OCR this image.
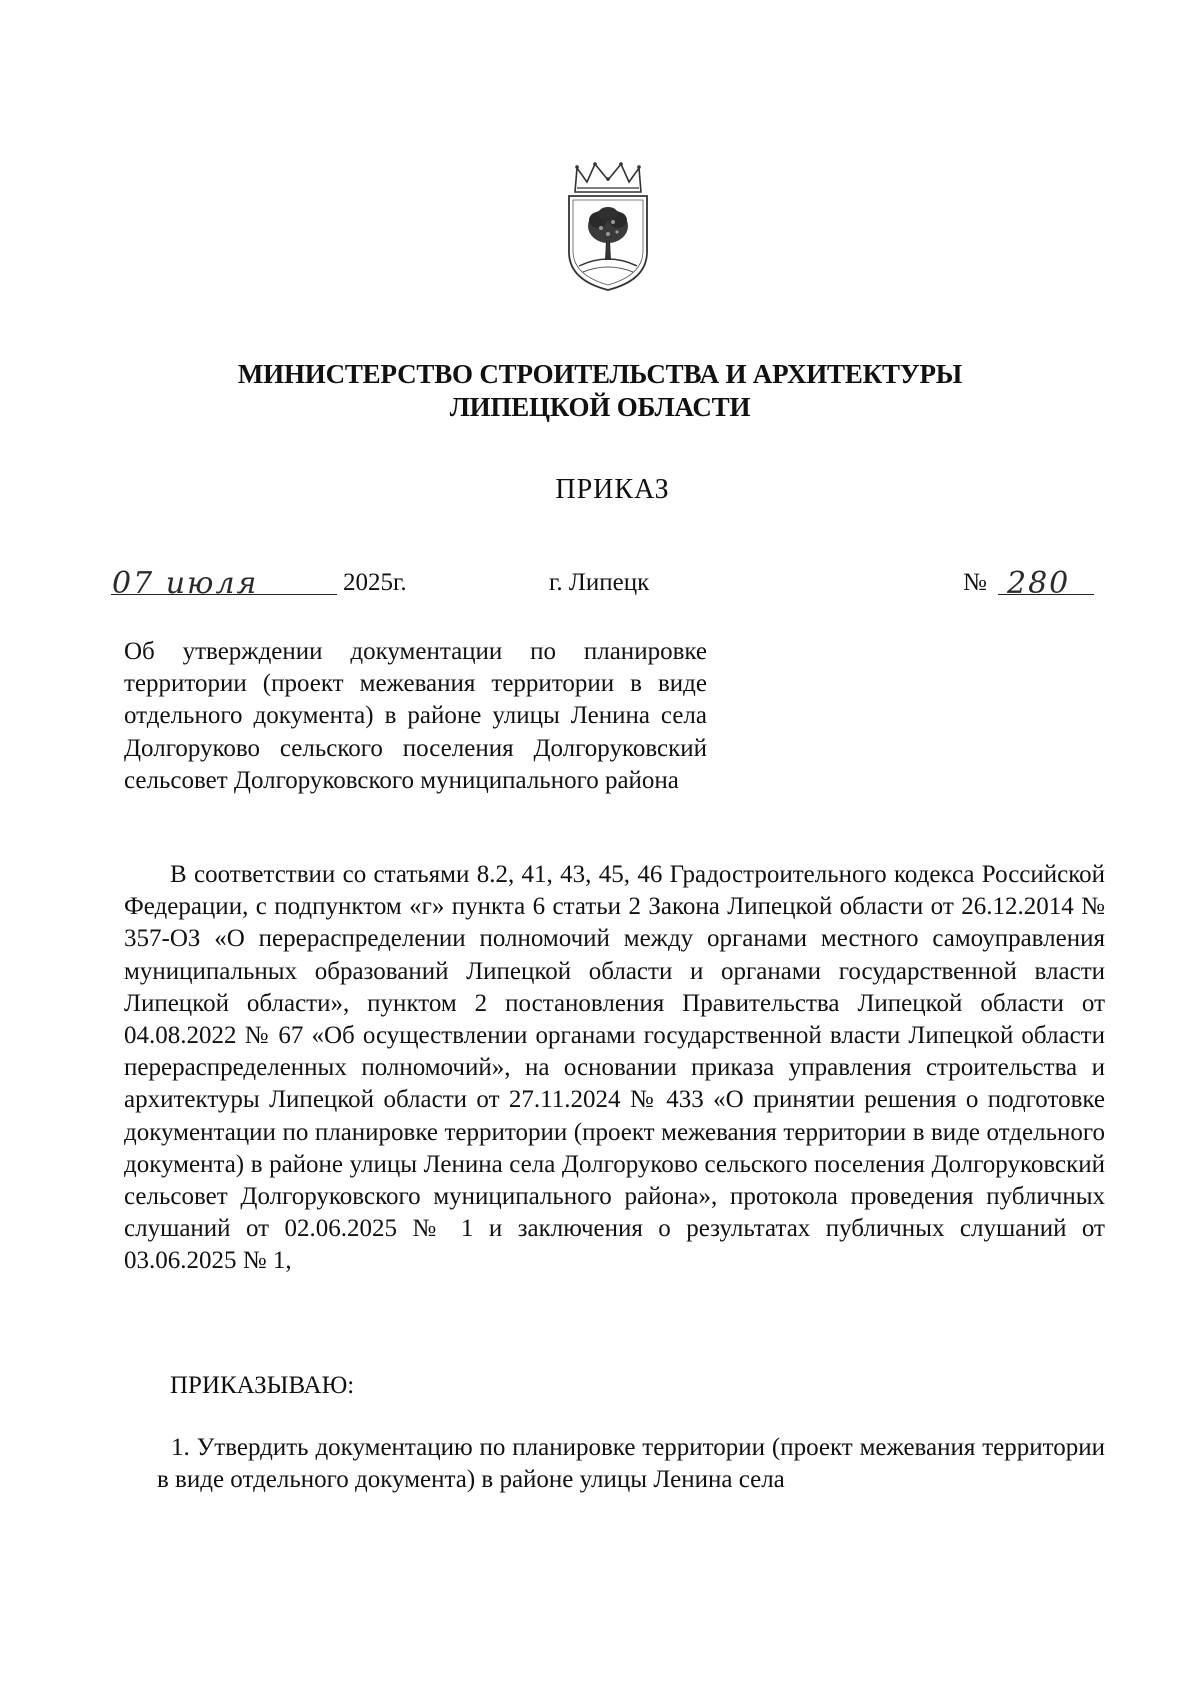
МИНИСТЕРСТВО СТРОИТЕЛЬСТВА И АРХИТЕКТУРЫ
ЛИПЕЦКОЙ ОБЛАСТИ
ПРИКАЗ
07 июля	2025г.	г. Липецк	№ 280
Об утверждении документации по планировке территории (проект межевания территории в виде отдельного документа) в районе улицы Ленина села Долгоруково сельского поселения Долгоруковский сельсовет Долгоруковского муниципального района

В соответствии со статьями 8.2, 41, 43, 45, 46 Градостроительного кодекса Российской Федерации, с подпунктом «г» пункта 6 статьи 2 Закона Липецкой области от 26.12.2014 № 357-ОЗ «О перераспределении полномочий между органами местного самоуправления муниципальных образований Липецкой области и органами государственной власти Липецкой области», пунктом 2 постановления Правительства Липецкой области от 04.08.2022 № 67 «Об осуществлении органами государственной власти Липецкой области перераспределенных полномочий», на основании приказа управления строительства и архитектуры Липецкой области от 27.11.2024 № 433 «О принятии решения о подготовке документации по планировке территории (проект межевания территории в виде отдельного документа) в районе улицы Ленина села Долгоруково сельского поселения Долгоруковский сельсовет Долгоруковского муниципального района», протокола проведения публичных слушаний от 02.06.2025 № 1 и заключения о результатах публичных слушаний от 03.06.2025 № 1,

ПРИКАЗЫВАЮ:

1. Утвердить документацию по планировке территории (проект межевания территории в виде отдельного документа) в районе улицы Ленина села
